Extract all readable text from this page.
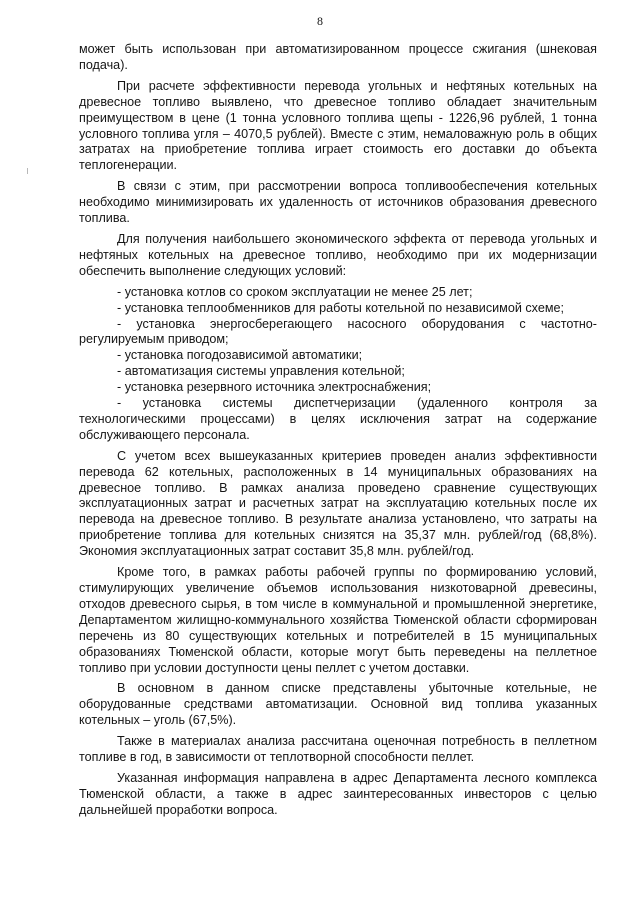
8

может быть использован при автоматизированном процессе сжигания (шнековая подача).

При расчете эффективности перевода угольных и нефтяных котельных на древесное топливо выявлено, что древесное топливо обладает значительным преимуществом в цене (1 тонна условного топлива щепы - 1226,96 рублей, 1 тонна условного топлива угля – 4070,5 рублей). Вместе с этим, немаловажную роль в общих затратах на приобретение топлива играет стоимость его доставки до объекта теплогенерации.

В связи с этим, при рассмотрении вопроса топливообеспечения котельных необходимо минимизировать их удаленность от источников образования древесного топлива.

Для получения наибольшего экономического эффекта от перевода угольных и нефтяных котельных на древесное топливо, необходимо при их модернизации обеспечить выполнение следующих условий:

- установка котлов со сроком эксплуатации не менее 25 лет;
- установка теплообменников для работы котельной по независимой схеме;
- установка энергосберегающего насосного оборудования с частотно-регулируемым приводом;
- установка погодозависимой автоматики;
- автоматизация системы управления котельной;
- установка резервного источника электроснабжения;
- установка системы диспетчеризации (удаленного контроля за технологическими процессами) в целях исключения затрат на содержание обслуживающего персонала.

С учетом всех вышеуказанных критериев проведен анализ эффективности перевода 62 котельных, расположенных в 14 муниципальных образованиях на древесное топливо. В рамках анализа проведено сравнение существующих эксплуатационных затрат и расчетных затрат на эксплуатацию котельных после их перевода на древесное топливо. В результате анализа установлено, что затраты на приобретение топлива для котельных снизятся на 35,37 млн. рублей/год (68,8%). Экономия эксплуатационных затрат составит 35,8 млн. рублей/год.

Кроме того, в рамках работы рабочей группы по формированию условий, стимулирующих увеличение объемов использования низкотоварной древесины, отходов древесного сырья, в том числе в коммунальной и промышленной энергетике, Департаментом жилищно-коммунального хозяйства Тюменской области сформирован перечень из 80 существующих котельных и потребителей в 15 муниципальных образованиях Тюменской области, которые могут быть переведены на пеллетное топливо при условии доступности цены пеллет с учетом доставки.

В основном в данном списке представлены убыточные котельные, не оборудованные средствами автоматизации. Основной вид топлива указанных котельных – уголь (67,5%).

Также в материалах анализа рассчитана оценочная потребность в пеллетном топливе в год, в зависимости от теплотворной способности пеллет.

Указанная информация направлена в адрес Департамента лесного комплекса Тюменской области, а также в адрес заинтересованных инвесторов с целью дальнейшей проработки вопроса.
